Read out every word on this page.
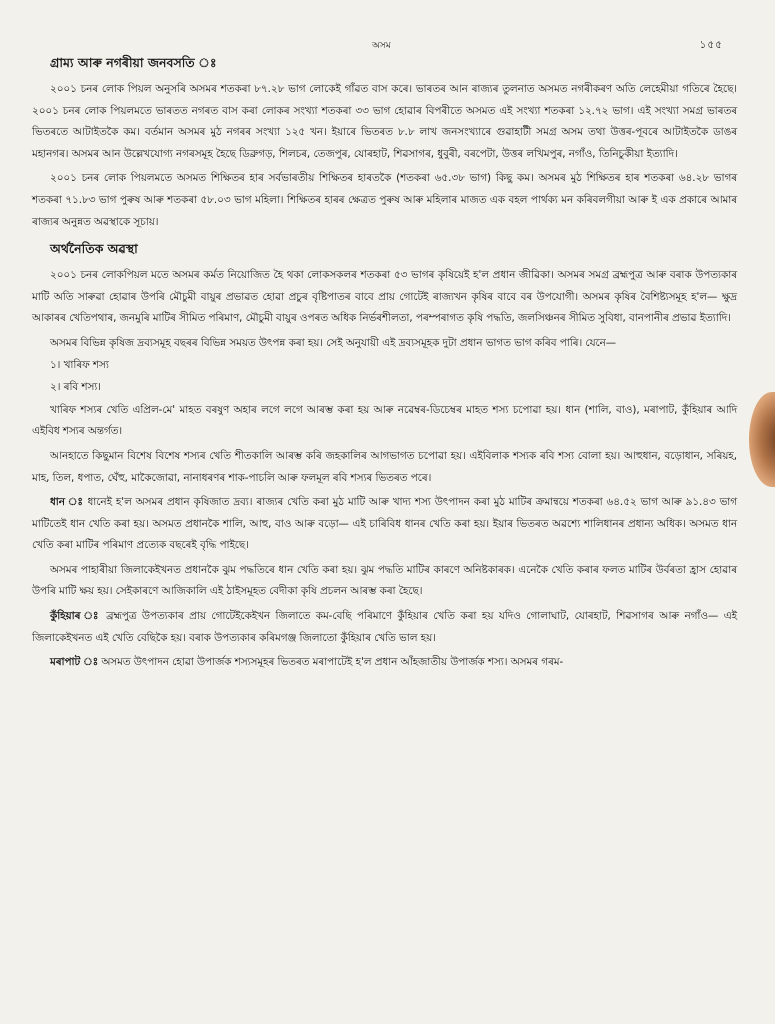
অসম	১৫৫
গ্ৰাম্য আৰু নগৰীয়া জনবসতি ঃ

২০০১ চনৰ লোক পিয়ল অনুসৰি অসমৰ শতকৰা ৮৭.২৮ ভাগ লোকেই গাঁৱত বাস কৰে। ভাৰতৰ আন ৰাজ্যৰ তুলনাত অসমত নগৰীকৰণ অতি লেহেমীয়া গতিৰে হৈছে। ২০০১ চনৰ লোক পিয়লমতে ভাৰতত নগৰত বাস কৰা লোকৰ সংখ্যা শতকৰা ৩৩ ভাগ হোৱাৰ বিপৰীতে অসমত এই সংখ্যা শতকৰা ১২.৭২ ভাগ। এই সংখ্যা সমগ্ৰ ভাৰতৰ ভিতৰতে আটাইতকৈ কম। বৰ্তমান অসমৰ মুঠ নগৰৰ সংখ্যা ১২৫ খন। ইয়াৰে ভিতৰত ৮.৮ লাখ জনসংখ্যাৰে গুৱাহাটী সমগ্ৰ অসম তথা উত্তৰ-পূবৰে আটাইতকৈ ডাঙৰ মহানগৰ। অসমৰ আন উল্লেখযোগ্য নগৰসমূহ হৈছে ডিব্ৰুগড়, শিলচৰ, তেজপুৰ, যোৰহাট, শিৱসাগৰ, ধুবুৰী, বৰপেটা, উত্তৰ লখিমপুৰ, নগাঁও, তিনিচুকীয়া ইত্যাদি।

২০০১ চনৰ লোক পিয়লমতে অসমত শিক্ষিতৰ হাৰ সৰ্বভাৰতীয় শিক্ষিতৰ হাৰতকৈ (শতকৰা ৬৫.৩৮ ভাগ) কিছু কম। অসমৰ মুঠ শিক্ষিতৰ হাৰ শতকৰা ৬৪.২৮ ভাগৰ শতকৰা ৭১.৮৩ ভাগ পুৰুষ আৰু শতকৰা ৫৮.০৩ ভাগ মহিলা। শিক্ষিতৰ হাৰৰ ক্ষেত্ৰত পুৰুষ আৰু মহিলাৰ মাজত এক বহল পাৰ্থক্য মন কৰিবলগীয়া আৰু ই এক প্ৰকাৰে আমাৰ ৰাজ্যৰ অনুন্নত অৱস্থাকে সূচায়।

অৰ্থনৈতিক অৱস্থা

২০০১ চনৰ লোকপিয়ল মতে অসমৰ কৰ্মত নিয়োজিত হৈ থকা লোকসকলৰ শতকৰা ৫৩ ভাগৰ কৃষিয়েই হ'ল প্ৰধান জীৱিকা। অসমৰ সমগ্ৰ ব্ৰহ্মপুত্ৰ আৰু বৰাক উপত্যকাৰ মাটি অতি সাৰুৱা হোৱাৰ উপৰি মৌচুমী বায়ুৰ প্ৰভাৱত হোৱা প্ৰচুৰ বৃষ্টিপাতৰ বাবে প্ৰায় গোটেই ৰাজ্যখন কৃষিৰ বাবে বৰ উপযোগী। অসমৰ কৃষিৰ বৈশিষ্ট্যসমূহ হ'ল— ক্ষুদ্ৰ আকাৰৰ খেতিপথাৰ, জনমুৰি মাটিৰ সীমিত পৰিমাণ, মৌচুমী বায়ুৰ ওপৰত অধিক নিৰ্ভৰশীলতা, পৰম্পৰাগত কৃষি পদ্ধতি, জলসিঞ্চনৰ সীমিত সুবিধা, বানপানীৰ প্ৰভাৱ ইত্যাদি।

অসমৰ বিভিন্ন কৃষিজ দ্ৰব্যসমূহ বছৰৰ বিভিন্ন সময়ত উৎপন্ন কৰা হয়। সেই অনুযায়ী এই দ্ৰব্যসমূহক দুটা প্ৰধান ভাগত ভাগ কৰিব পাৰি। যেনে—

১। খাৰিফ শস্য
২। ৰবি শস্য।

খাৰিফ শস্যৰ খেতি এপ্ৰিল-মে' মাহত বৰষুণ অহাৰ লগে লগে আৰম্ভ কৰা হয় আৰু নৱেম্বৰ-ডিচেম্বৰ মাহত শস্য চপোৱা হয়। ধান (শালি, বাও), মৰাপাট, কুঁহিয়াৰ আদি এইবিধ শস্যৰ অন্তৰ্গত।

আনহাতে কিছুমান বিশেষ বিশেষ শস্যৰ খেতি শীতকালি আৰম্ভ কৰি জহকালিৰ আগভাগত চপোৱা হয়। এইবিলাক শস্যক ৰবি শস্য বোলা হয়। আহুধান, বড়োধান, সৰিয়হ, মাহ, তিল, ধপাত, ঘেঁহু, মাকৈজোৱা, নানাধৰণৰ শাক-পাচলি আৰু ফলমূল ৰবি শস্যৰ ভিতৰত পৰে।

ধান ঃ ধানেই হ'ল অসমৰ প্ৰধান কৃষিজাত দ্ৰব্য। ৰাজ্যৰ খেতি কৰা মুঠ মাটি আৰু খাদ্য শস্য উৎপাদন কৰা মুঠ মাটিৰ ক্ৰমান্বয়ে শতকৰা ৬৪.৫২ ভাগ আৰু ৯১.৪৩ ভাগ মাটিতেই ধান খেতি কৰা হয়। অসমত প্ৰধানকৈ শালি, আহু, বাও আৰু বড়ো— এই চাৰিবিধ ধানৰ খেতি কৰা হয়। ইয়াৰ ভিতৰত অৱশ্যে শালিধানৰ প্ৰধান্য অধিক। অসমত ধান খেতি কৰা মাটিৰ পৰিমাণ প্ৰত্যেক বছৰেই বৃদ্ধি পাইছে।

অসমৰ পাহাৰীয়া জিলাকেইখনত প্ৰধানকৈ ঝুম পদ্ধতিৰে ধান খেতি কৰা হয়। ঝুম পদ্ধতি মাটিৰ কাৰণে অনিষ্টকাৰক। এনেকৈ খেতি কৰাৰ ফলত মাটিৰ উৰ্বৰতা হ্ৰাস হোৱাৰ উপৰি মাটি ক্ষয় হয়। সেইকাৰণে আজিকালি এই ঠাইসমূহত বেদীকা কৃষি প্ৰচলন আৰম্ভ কৰা হৈছে।

কুঁহিয়াৰ ঃ ব্ৰহ্মপুত্ৰ উপত্যকাৰ প্ৰায় গোটেইকেইখন জিলাতে কম-বেছি পৰিমাণে কুঁহিয়াৰ খেতি কৰা হয় যদিও গোলাঘাট, যোৰহাট, শিৱসাগৰ আৰু নগাঁও— এই জিলাকেইখনত এই খেতি বেছিকৈ হয়। বৰাক উপত্যকাৰ কৰিমগঞ্জ জিলাতো কুঁহিয়াৰ খেতি ভাল হয়।

মৰাপাট ঃ অসমত উৎপাদন হোৱা উপাৰ্জক শস্যসমূহৰ ভিতৰত মৰাপাটেই হ'ল প্ৰধান আঁহজাতীয় উপাৰ্জক শস্য। অসমৰ গৰম-
